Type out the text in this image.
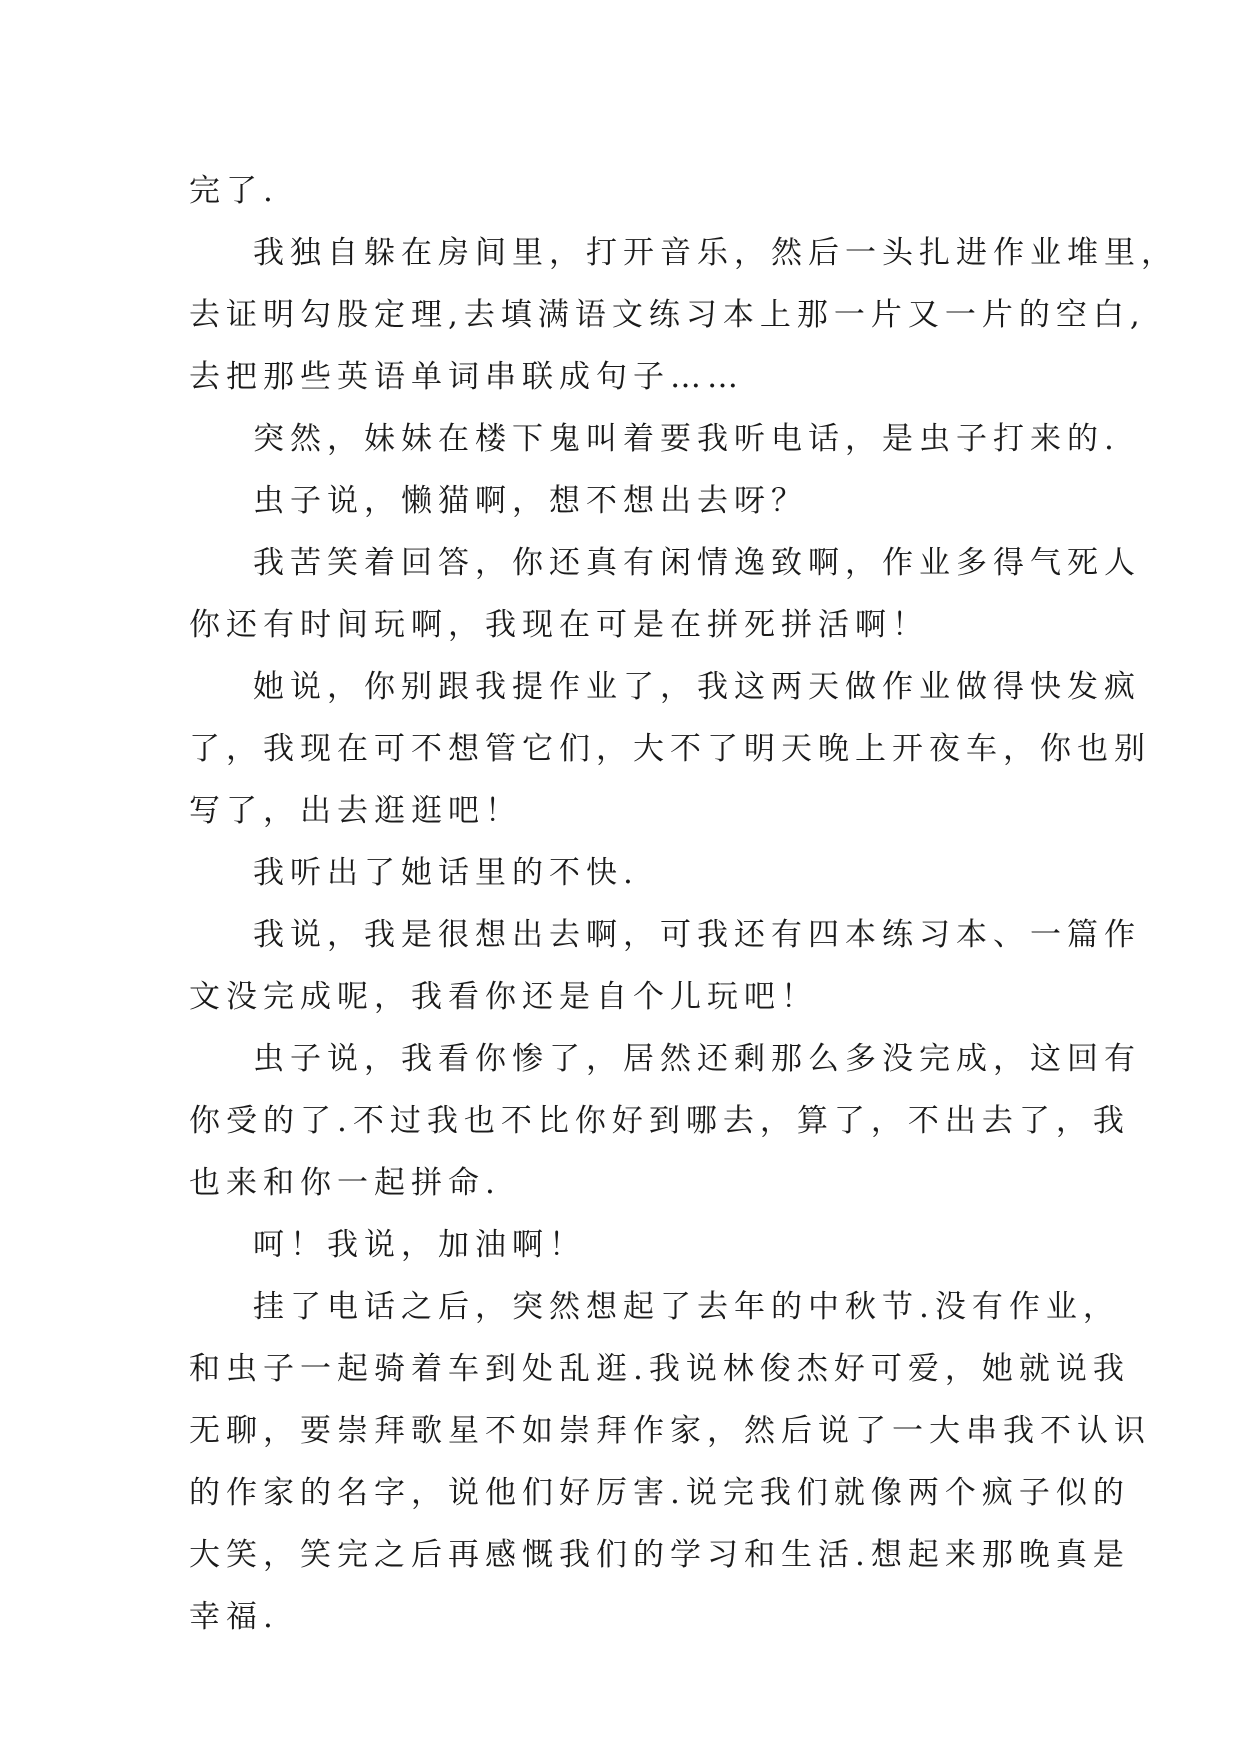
完了.
我独自躲在房间里，打开音乐，然后一头扎进作业堆里，
去证明勾股定理,去填满语文练习本上那一片又一片的空白,
去把那些英语单词串联成句子……
突然，妹妹在楼下鬼叫着要我听电话，是虫子打来的.
虫子说，懒猫啊，想不想出去呀？
我苦笑着回答，你还真有闲情逸致啊，作业多得气死人
你还有时间玩啊，我现在可是在拼死拼活啊！
她说，你别跟我提作业了，我这两天做作业做得快发疯
了，我现在可不想管它们，大不了明天晚上开夜车，你也别
写了，出去逛逛吧！
我听出了她话里的不快.
我说，我是很想出去啊，可我还有四本练习本、一篇作
文没完成呢，我看你还是自个儿玩吧！
虫子说，我看你惨了，居然还剩那么多没完成，这回有
你受的了.不过我也不比你好到哪去，算了，不出去了，我
也来和你一起拼命.
呵！我说，加油啊！
挂了电话之后，突然想起了去年的中秋节.没有作业，
和虫子一起骑着车到处乱逛.我说林俊杰好可爱，她就说我
无聊，要崇拜歌星不如崇拜作家，然后说了一大串我不认识
的作家的名字，说他们好厉害.说完我们就像两个疯子似的
大笑，笑完之后再感慨我们的学习和生活.想起来那晚真是
幸福.
